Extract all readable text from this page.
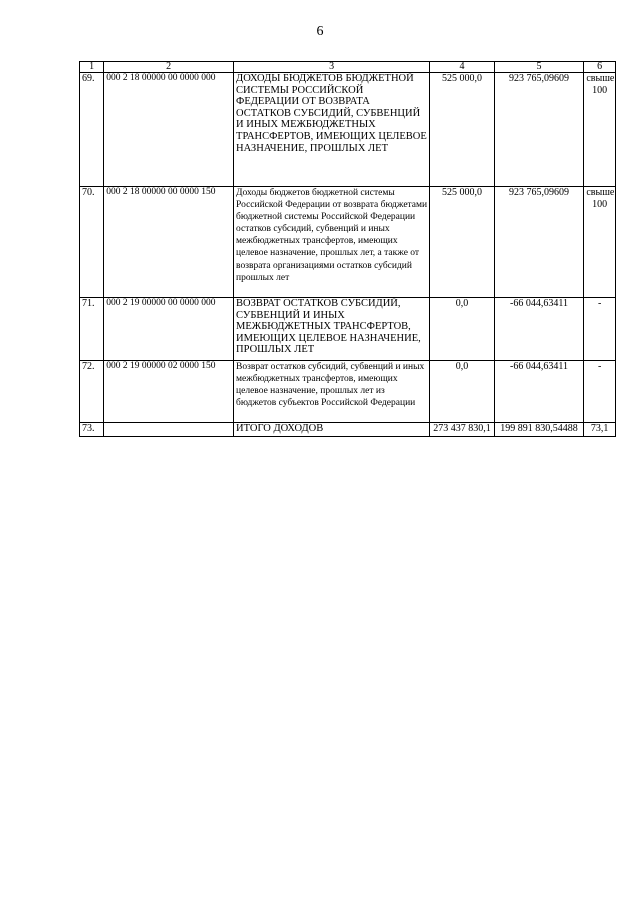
6
1	2	3	4	5	6
69.	000 2 18 00000 00 0000 000	ДОХОДЫ БЮДЖЕТОВ БЮДЖЕТНОЙ СИСТЕМЫ РОССИЙСКОЙ ФЕДЕРАЦИИ ОТ ВОЗВРАТА ОСТАТКОВ СУБСИДИЙ, СУБВЕНЦИЙ И ИНЫХ МЕЖБЮДЖЕТНЫХ ТРАНСФЕРТОВ, ИМЕЮЩИХ ЦЕЛЕВОЕ НАЗНАЧЕНИЕ, ПРОШЛЫХ ЛЕТ	525 000,0	923 765,09609	свыше 100
70.	000 2 18 00000 00 0000 150	Доходы бюджетов бюджетной системы Российской Федерации от возврата бюджетами бюджетной системы Российской Федерации остатков субсидий, субвенций и иных межбюджетных трансфертов, имеющих целевое назначение, прошлых лет, а также от возврата организациями остатков субсидий прошлых лет	525 000,0	923 765,09609	свыше 100
71.	000 2 19 00000 00 0000 000	ВОЗВРАТ ОСТАТКОВ СУБСИДИЙ, СУБВЕНЦИЙ И ИНЫХ МЕЖБЮДЖЕТНЫХ ТРАНСФЕРТОВ, ИМЕЮЩИХ ЦЕЛЕВОЕ НАЗНАЧЕНИЕ, ПРОШЛЫХ ЛЕТ	0,0	-66 044,63411	-
72.	000 2 19 00000 02 0000 150	Возврат остатков субсидий, субвенций и иных межбюджетных трансфертов, имеющих целевое назначение, прошлых лет из бюджетов субъектов Российской Федерации	0,0	-66 044,63411	-
73.		ИТОГО ДОХОДОВ	273 437 830,1	199 891 830,54488	73,1
